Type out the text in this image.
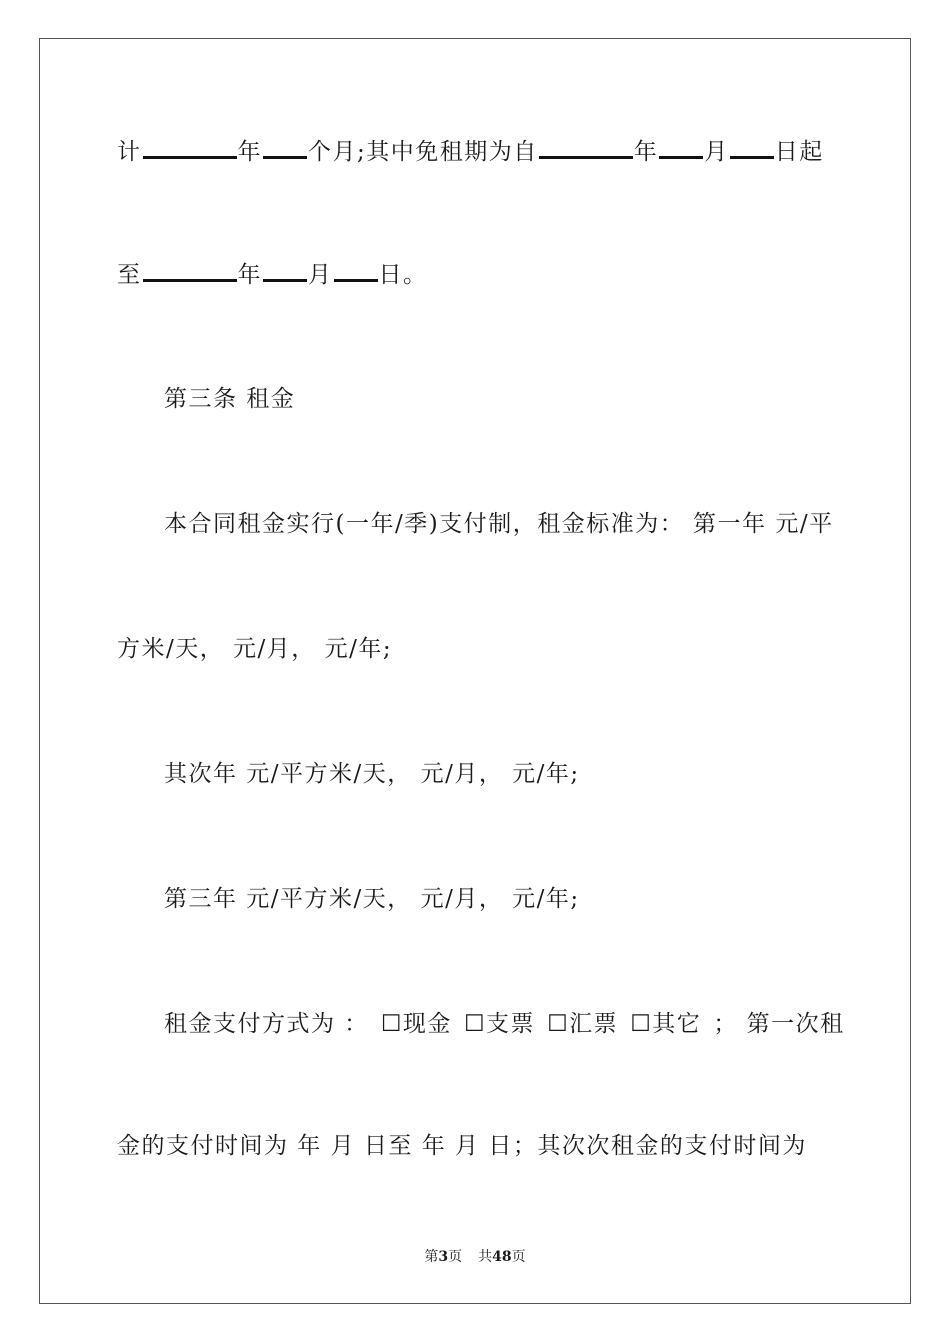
计	年 个月;其中免租期为自	年 月 日起
至	年 月 日。
第三条 租金
本合同租金实行(一年/季)支付制，租金标准为： 第一年 元/平
方米/天， 元/月， 元/年;
其次年 元/平方米/天， 元/月， 元/年;
第三年 元/平方米/天， 元/月， 元/年;
租金支付方式为 ： ☐现金 ☐支票 ☐汇票 ☐其它 ； 第一次租
金的支付时间为 年 月 日至 年 月 日；其次次租金的支付时间为
第3页 共48页
